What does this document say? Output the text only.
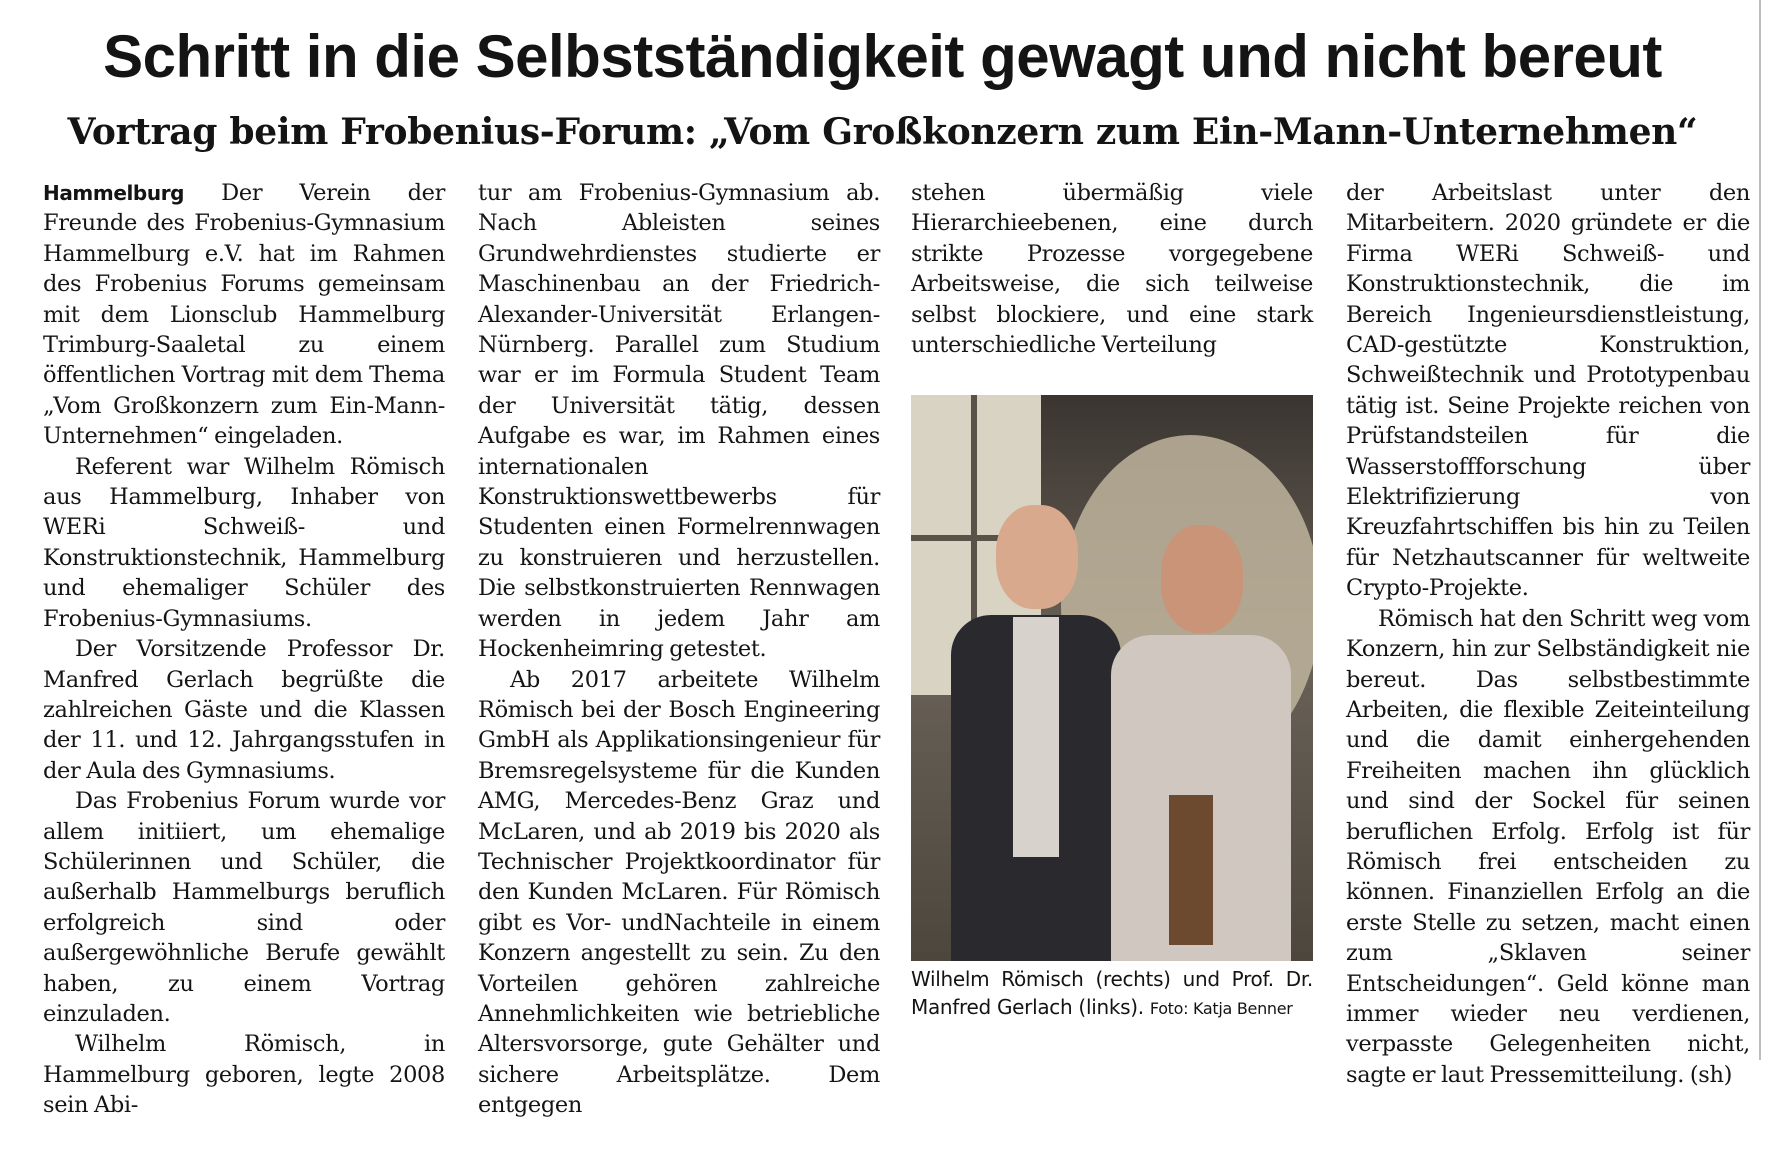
Schritt in die Selbstständigkeit gewagt und nicht bereut
Vortrag beim Frobenius-Forum: „Vom Großkonzern zum Ein-Mann-Unternehmen“

Hammelburg Der Verein der Freunde des Frobenius-Gymnasium Hammelburg e.V. hat im Rahmen des Frobenius Forums gemeinsam mit dem Lionsclub Hammelburg Trimburg-Saaletal zu einem öffentlichen Vortrag mit dem Thema „Vom Großkonzern zum Ein-Mann-Unternehmen“ eingeladen.

Referent war Wilhelm Römisch aus Hammelburg, Inhaber von WERi Schweiß- und Konstruktionstechnik, Hammelburg und ehemaliger Schüler des Frobenius-Gymnasiums.

Der Vorsitzende Professor Dr. Manfred Gerlach begrüßte die zahlreichen Gäste und die Klassen der 11. und 12. Jahrgangsstufen in der Aula des Gymnasiums.

Das Frobenius Forum wurde vor allem initiiert, um ehemalige Schülerinnen und Schüler, die außerhalb Hammelburgs beruflich erfolgreich sind oder außergewöhnliche Berufe gewählt haben, zu einem Vortrag einzuladen.

Wilhelm Römisch, in Hammelburg geboren, legte 2008 sein Abi-

tur am Frobenius-Gymnasium ab. Nach Ableisten seines Grundwehrdienstes studierte er Maschinenbau an der Friedrich-Alexander-Universität Erlangen-Nürnberg. Parallel zum Studium war er im Formula Student Team der Universität tätig, dessen Aufgabe es war, im Rahmen eines internationalen Konstruktionswettbewerbs für Studenten einen Formelrennwagen zu konstruieren und herzustellen. Die selbstkonstruierten Rennwagen werden in jedem Jahr am Hockenheimring getestet.

Ab 2017 arbeitete Wilhelm Römisch bei der Bosch Engineering GmbH als Applikationsingenieur für Bremsregelsysteme für die Kunden AMG, Mercedes-Benz Graz und McLaren, und ab 2019 bis 2020 als Technischer Projektkoordinator für den Kunden McLaren. Für Römisch gibt es Vor- undNachteile in einem Konzern angestellt zu sein. Zu den Vorteilen gehören zahlreiche Annehmlichkeiten wie betriebliche Altersvorsorge, gute Gehälter und sichere Arbeitsplätze. Dem entgegen

stehen übermäßig viele Hierarchieebenen, eine durch strikte Prozesse vorgegebene Arbeitsweise, die sich teilweise selbst blockiere, und eine stark unterschiedliche Verteilung

Wilhelm Römisch (rechts) und Prof. Dr. Manfred Gerlach (links). Foto: Katja Benner

der Arbeitslast unter den Mitarbeitern. 2020 gründete er die Firma WERi Schweiß- und Konstruktionstechnik, die im Bereich Ingenieursdienstleistung, CAD-gestützte Konstruktion, Schweißtechnik und Prototypenbau tätig ist. Seine Projekte reichen von Prüfstandsteilen für die Wasserstoffforschung über Elektrifizierung von Kreuzfahrtschiffen bis hin zu Teilen für Netzhautscanner für weltweite Crypto-Projekte.

Römisch hat den Schritt weg vom Konzern, hin zur Selbständigkeit nie bereut. Das selbstbestimmte Arbeiten, die flexible Zeiteinteilung und die damit einhergehenden Freiheiten machen ihn glücklich und sind der Sockel für seinen beruflichen Erfolg. Erfolg ist für Römisch frei entscheiden zu können. Finanziellen Erfolg an die erste Stelle zu setzen, macht einen zum „Sklaven seiner Entscheidungen“. Geld könne man immer wieder neu verdienen, verpasste Gelegenheiten nicht, sagte er laut Pressemitteilung. (sh)
